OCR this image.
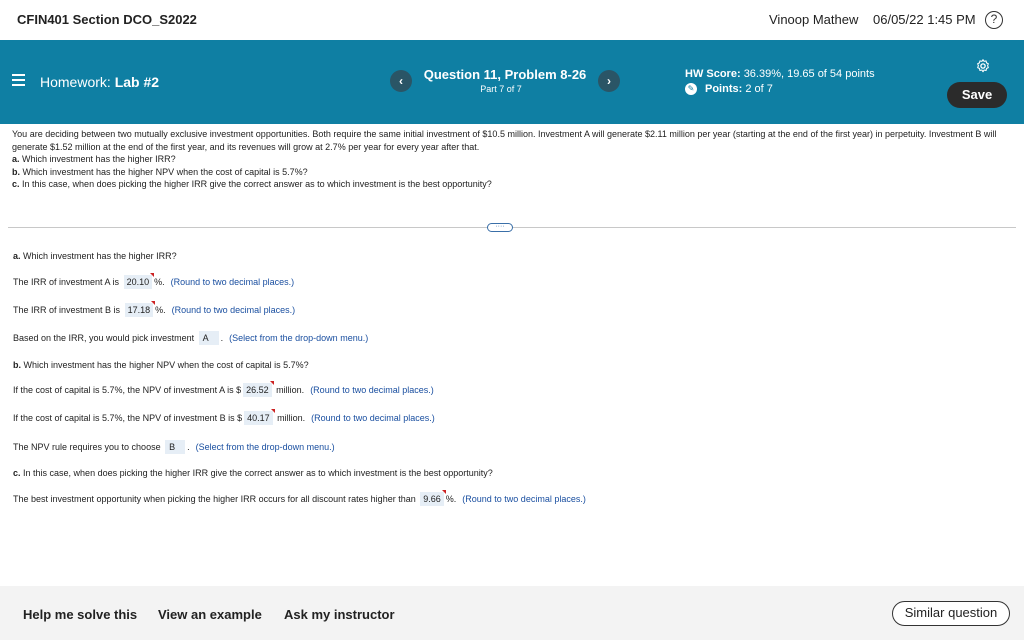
CFIN401 Section DCO_S2022	Vinoop Mathew 06/05/22 1:45 PM	?
Homework: Lab #2	‹	Question 11, Problem 8-26
Part 7 of 7
›	HW Score: 36.39%, 19.65 of 54 points
✎ Points:
2 of 7	Save

You are deciding between two mutually exclusive investment opportunities. Both require the same initial investment of $10.5 million. Investment A will generate $2.11 million per year (starting at the end of the first year) in perpetuity. Investment B will generate $1.52 million at the end of the first year, and its revenues will grow at 2.7% per year for every year after that.

a. Which investment has the higher IRR?

b. Which investment has the higher NPV when the cost of capital is 5.7%?

c. In this case, when does picking the higher IRR give the correct answer as to which investment is the best opportunity?

····
a.
Which investment has the higher IRR?
The IRR of investment A is
20.10 %. (Round to two decimal places.)
The IRR of investment B is
17.18 %. (Round to two decimal places.)
Based on the IRR, you would pick investment
A	. (Select from the drop-down menu.)
b.
Which investment has the higher NPV when the cost of capital is 5.7%?
If the cost of capital is 5.7%, the NPV of investment A is $ 26.52
million. (Round to two decimal places.)
If the cost of capital is 5.7%, the NPV of investment B is $ 40.17
million. (Round to two decimal places.)
The NPV rule requires you to choose
B	. (Select from the drop-down menu.)
c.
In this case, when does picking the higher IRR give the correct answer as to which investment is the best opportunity?
The best investment opportunity when picking the higher IRR occurs for all discount rates higher than
9.66 %. (Round to two decimal places.)
Help me solve this View an example Ask my instructor	Similar question
